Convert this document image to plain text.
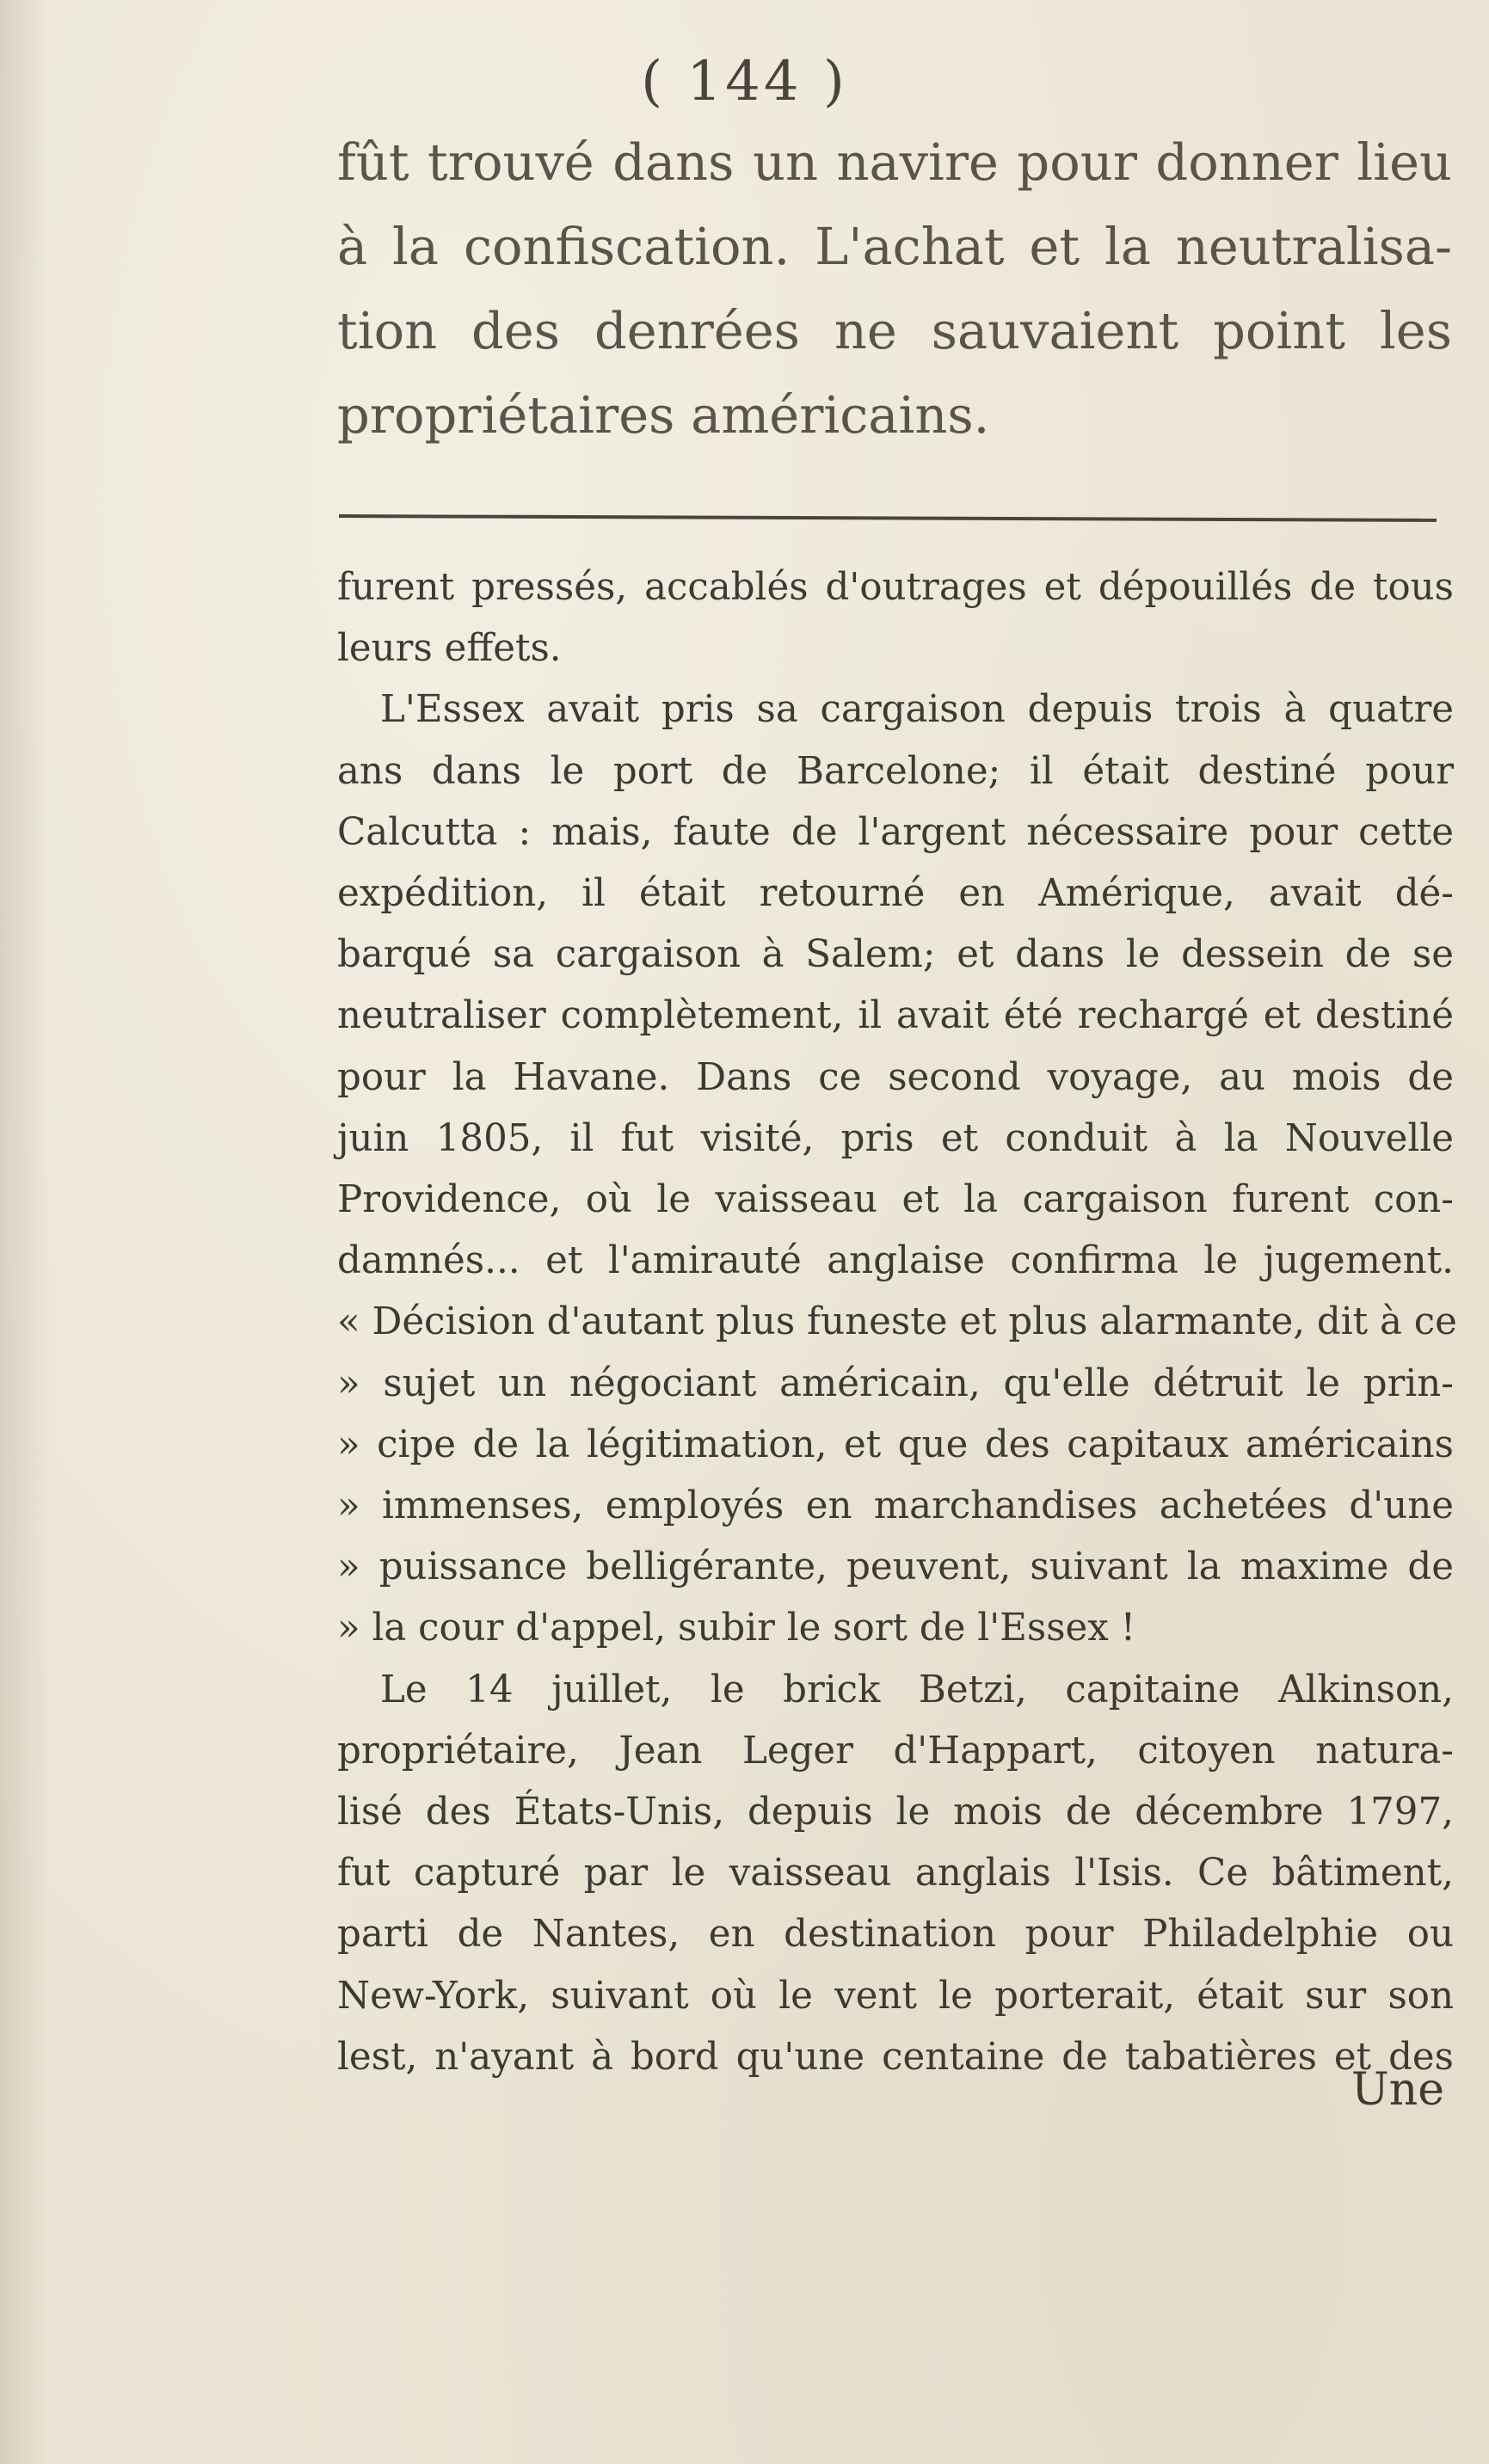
( 144 )
fût trouvé dans un navire pour donner lieu
à la confiscation. L'achat et la neutralisa-
tion des denrées ne sauvaient point les
propriétaires américains.
furent pressés, accablés d'outrages et dépouillés de tous
leurs effets.
L'Essex avait pris sa cargaison depuis trois à quatre
ans dans le port de Barcelone; il était destiné pour
Calcutta : mais, faute de l'argent nécessaire pour cette
expédition, il était retourné en Amérique, avait dé-
barqué sa cargaison à Salem; et dans le dessein de se
neutraliser complètement, il avait été rechargé et destiné
pour la Havane. Dans ce second voyage, au mois de
juin 1805, il fut visité, pris et conduit à la Nouvelle
Providence, où le vaisseau et la cargaison furent con-
damnés... et l'amirauté anglaise confirma le jugement.
« Décision d'autant plus funeste et plus alarmante, dit à ce
» sujet un négociant américain, qu'elle détruit le prin-
» cipe de la légitimation, et que des capitaux américains
» immenses, employés en marchandises achetées d'une
» puissance belligérante, peuvent, suivant la maxime de
» la cour d'appel, subir le sort de l'Essex !
Le 14 juillet, le brick Betzi, capitaine Alkinson,
propriétaire, Jean Leger d'Happart, citoyen natura-
lisé des États-Unis, depuis le mois de décembre 1797,
fut capturé par le vaisseau anglais l'Isis. Ce bâtiment,
parti de Nantes, en destination pour Philadelphie ou
New-York, suivant où le vent le porterait, était sur son
lest, n'ayant à bord qu'une centaine de tabatières et des
Une
